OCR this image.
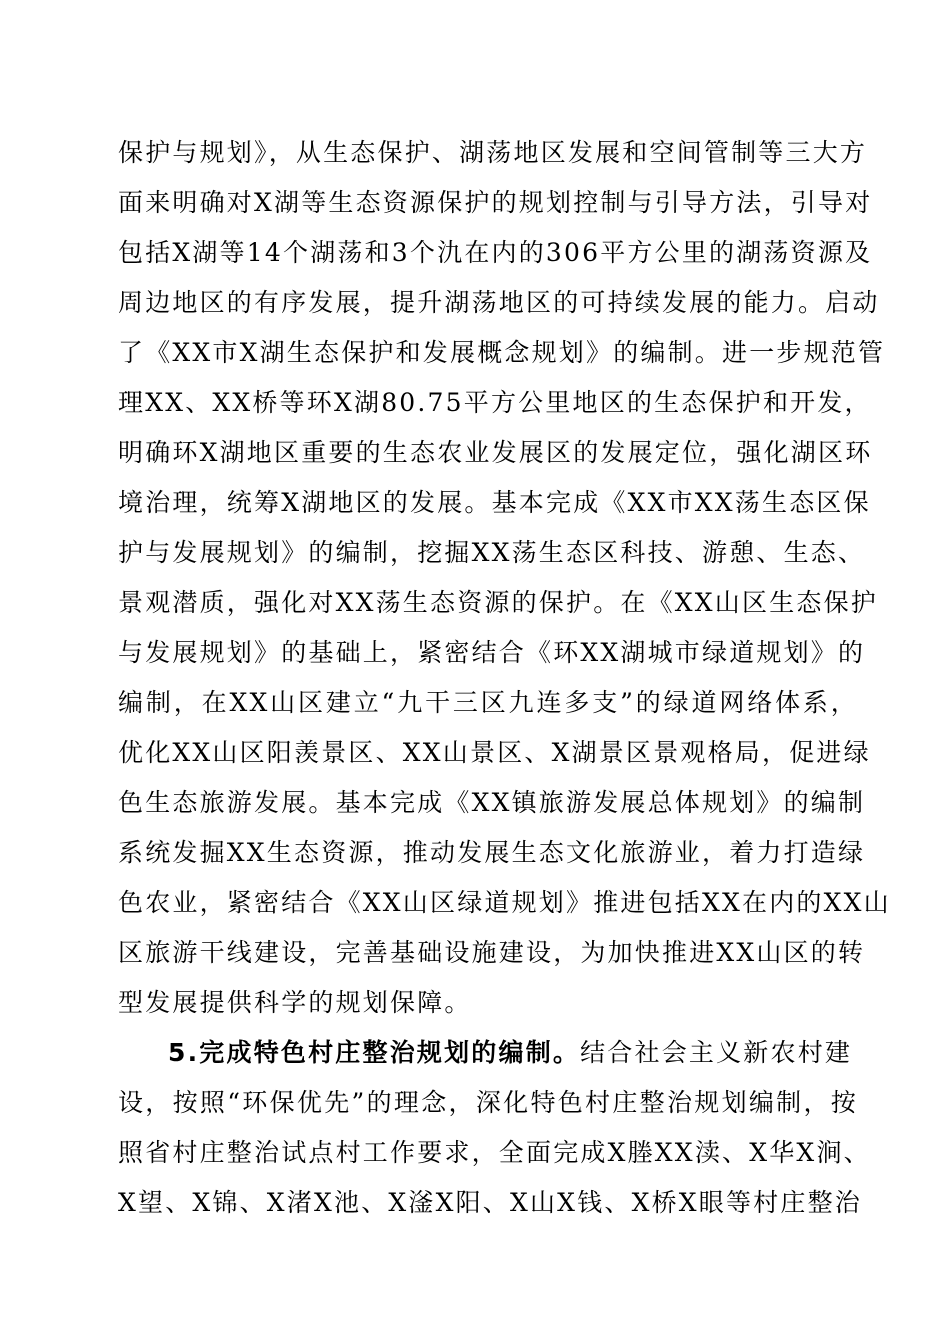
保护与规划》，从生态保护、湖荡地区发展和空间管制等三大方
面来明确对X湖等生态资源保护的规划控制与引导方法，引导对
包括X湖等14个湖荡和3个氿在内的306平方公里的湖荡资源及
周边地区的有序发展，提升湖荡地区的可持续发展的能力。启动
了《XX市X湖生态保护和发展概念规划》的编制。进一步规范管
理XX、XX桥等环X湖80.75平方公里地区的生态保护和开发，
明确环X湖地区重要的生态农业发展区的发展定位，强化湖区环
境治理，统筹X湖地区的发展。基本完成《XX市XX荡生态区保
护与发展规划》的编制，挖掘XX荡生态区科技、游憩、生态、
景观潜质，强化对XX荡生态资源的保护。在《XX山区生态保护
与发展规划》的基础上，紧密结合《环XX湖城市绿道规划》的
编制，在XX山区建立“九干三区九连多支”的绿道网络体系，
优化XX山区阳羡景区、XX山景区、X湖景区景观格局，促进绿
色生态旅游发展。基本完成《XX镇旅游发展总体规划》的编制
系统发掘XX生态资源，推动发展生态文化旅游业，着力打造绿
色农业，紧密结合《XX山区绿道规划》推进包括XX在内的XX山
区旅游干线建设，完善基础设施建设，为加快推进XX山区的转
型发展提供科学的规划保障。
5.完成特色村庄整治规划的编制。结合社会主义新农村建
设，按照“环保优先”的理念，深化特色村庄整治规划编制，按
照省村庄整治试点村工作要求，全面完成X塍XX渎、X华X涧、
X望、X锦、X渚X池、X滏X阳、X山X钱、X桥X眼等村庄整治
